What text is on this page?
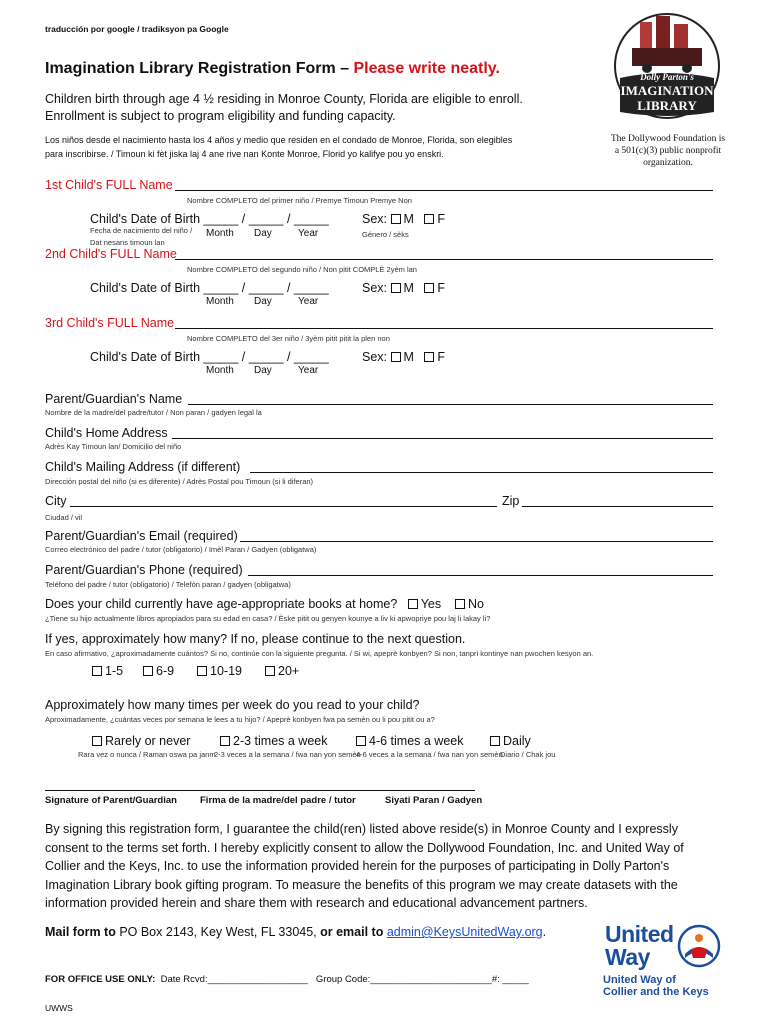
traducción por google / tradiksyon pa Google
Imagination Library Registration Form – Please write neatly.
Children birth through age 4 ½ residing in Monroe County, Florida are eligible to enroll.
Enrollment is subject to program eligibility and funding capacity.
Los niños desde el nacimiento hasta los 4 años y medio que residen en el condado de Monroe, Florida, son elegibles
para inscribirse. / Timoun ki fèt jiska laj 4 ane rive nan Konte Monroe, Florid yo kalifye pou yo enskri.
Dolly Parton's
IMAGINATION
LIBRARY
The Dollywood Foundation is
a 501(c)(3) public nonprofit
organization.
1st Child's FULL Name
Nombre COMPLETO del primer niño / Premye Timoun Premye Non
Child's Date of Birth _____ / _____ / _____
Fecha de nacimiento del niño /
Dat nesans timoun lan
Month Day	Year
Sex: M F
Género / sèks
2nd Child's FULL Name
Nombre COMPLETO del segundo niño / Non pitit COMPLÈ 2yèm lan
Child's Date of Birth _____ / _____ / _____
Month Day	Year
Sex: M F
3rd Child's FULL Name
Nombre COMPLETO del 3er niño / 3yèm pitit pitit la plen non
Child's Date of Birth _____ / _____ / _____
Month Day	Year
Sex: M F
Parent/Guardian's Name
Nombre de la madre/del padre/tutor / Non paran / gadyen legal la
Child's Home Address
Adrès Kay Timoun lan/ Domicilio del niño
Child's Mailing Address (if different)
Dirección postal del niño (si es diferente) / Adrès Postal pou Timoun (si li diferan)
City	Zip
Ciudad / vil
Parent/Guardian's Email (required)
Correo electrónico del padre / tutor (obligatorio) / Imèl Paran / Gadyen (obligatwa)
Parent/Guardian's Phone (required)
Teléfono del padre / tutor (obligatorio) / Telefòn paran / gadyen (obligatwa)
Does your child currently have age-appropriate books at home? Yes No
¿Tiene su hijo actualmente libros apropiados para su edad en casa? / Èske pitit ou genyen kounye a liv ki apwopriye pou laj li lakay li?
If yes, approximately how many? If no, please continue to the next question.
En caso afirmativo, ¿aproximadamente cuántos? Si no, continúe con la siguiente pregunta. / Si wi, apeprè konbyen? Si non, tanpri kontinye nan pwochen kesyon an.
1-5	6-9	10-19	20+
Approximately how many times per week do you read to your child?
Aproximadamente, ¿cuántas veces por semana le lees a tu hijo? / Apeprè konbyen fwa pa semèn ou li pou pitit ou a?
Rarely or never
Rara vez o nunca / Raman oswa pa janm
2-3 times a week
2-3 veces a la semana / fwa nan yon semèn
4-6 times a week
4-6 veces a la semana / fwa nan yon semèn
Daily
Diario / Chak jou
Signature of Parent/Guardian Firma de la madre/del padre / tutor	Siyati Paran / Gadyen
By signing this registration form, I guarantee the child(ren) listed above reside(s) in Monroe County and I expressly
consent to the terms set forth. I hereby explicitly consent to allow the Dollywood Foundation, Inc. and United Way of
Collier and the Keys, Inc. to use the information provided herein for the purposes of participating in Dolly Parton's
Imagination Library book gifting program. To measure the benefits of this program we may create datasets with the
information provided herein and share them with research and educational advancement partners.
Mail form to PO Box 2143, Key West, FL 33045, or email to admin@KeysUnitedWay.org.
FOR OFFICE USE ONLY: Date Rcvd:___________________ Group Code:_______________________#: _____
UWWS
United
Way
United Way of
Collier and the Keys
